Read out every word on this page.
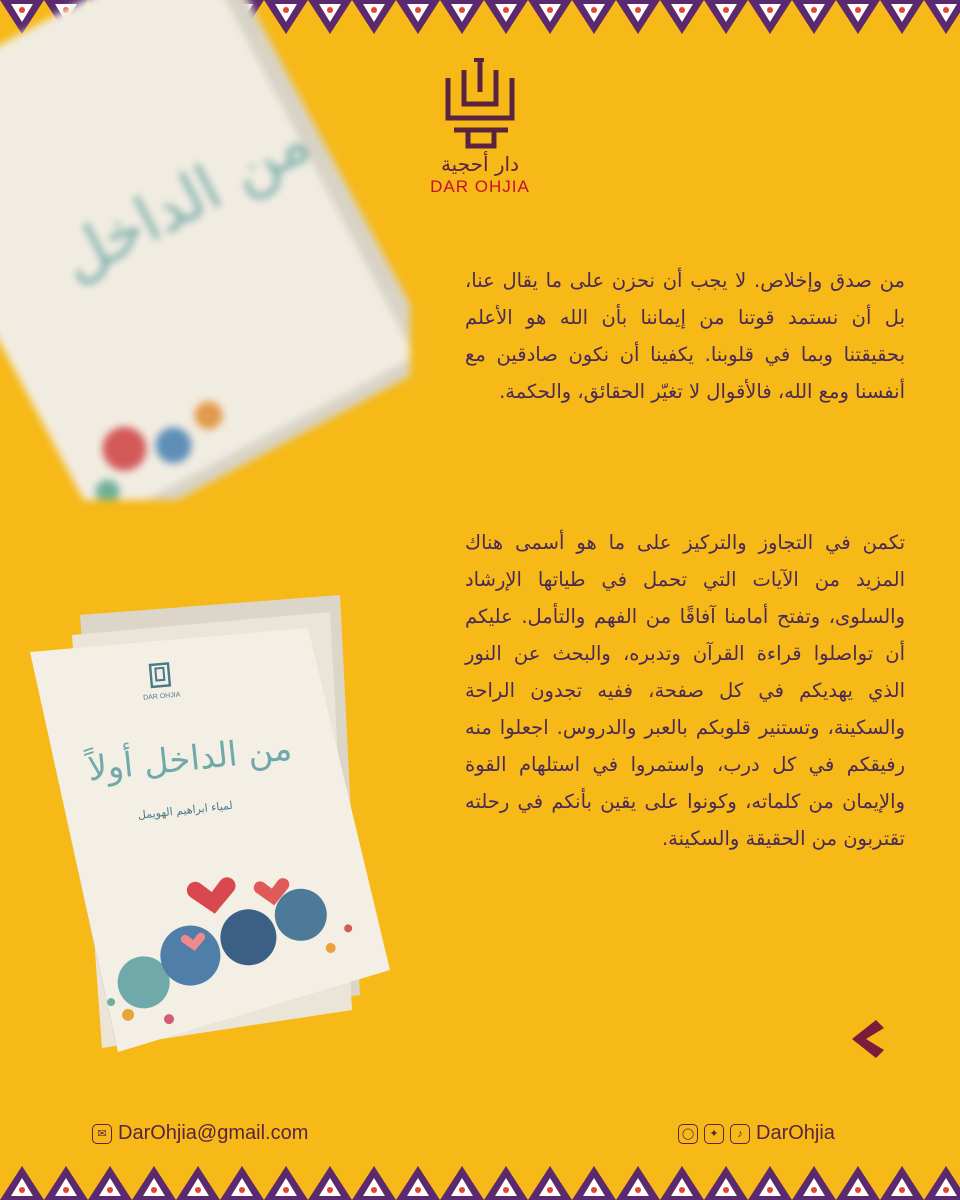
من الداخل	دار أحجية
DAR OHJIA
من صدق وإخلاص. لا يجب أن نحزن على ما يقال عنا، بل أن نستمد قوتنا من إيماننا بأن الله هو الأعلم بحقيقتنا وبما في قلوبنا. يكفينا أن نكون صادقين مع أنفسنا ومع الله، فالأقوال لا تغيّر الحقائق، والحكمة.
تكمن في التجاوز والتركيز على ما هو أسمى هناك المزيد من الآيات التي تحمل في طياتها الإرشاد والسلوى، وتفتح أمامنا آفاقًا من الفهم والتأمل. عليكم أن تواصلوا قراءة القرآن وتدبره، والبحث عن النور الذي يهديكم في كل صفحة، ففيه تجدون الراحة والسكينة، وتستنير قلوبكم بالعبر والدروس. اجعلوا منه رفيقكم في كل درب، واستمروا في استلهام القوة والإيمان من كلماته، وكونوا على يقين بأنكم في رحلته تقتربون من الحقيقة والسكينة.
DAR OHJIA
من الداخل أولاً
لمياء ابراهيم الهويمل
✉ DarOhjia@gmail.com	◯	✦	♪ DarOhjia
